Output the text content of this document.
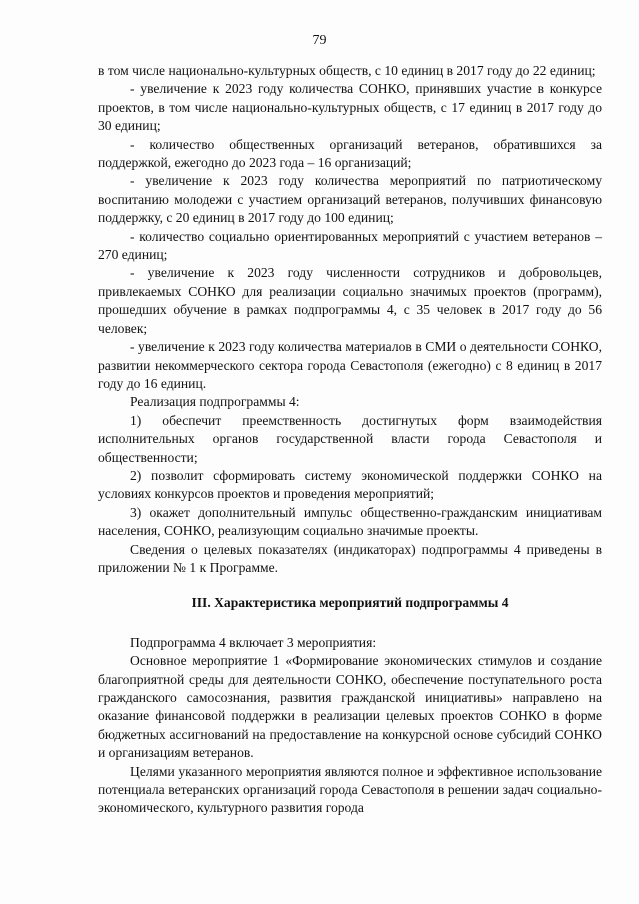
79

в том числе национально-культурных обществ, с 10 единиц в 2017 году до 22 единиц;

- увеличение к 2023 году количества СОНКО, принявших участие в конкурсе проектов, в том числе национально-культурных обществ, с 17 единиц в 2017 году до 30 единиц;

- количество общественных организаций ветеранов, обратившихся за поддержкой, ежегодно до 2023 года – 16 организаций;

- увеличение к 2023 году количества мероприятий по патриотическому воспитанию молодежи с участием организаций ветеранов, получивших финансовую поддержку, с 20 единиц в 2017 году до 100 единиц;

- количество социально ориентированных мероприятий с участием ветеранов – 270 единиц;

- увеличение к 2023 году численности сотрудников и добровольцев, привлекаемых СОНКО для реализации социально значимых проектов (программ), прошедших обучение в рамках подпрограммы 4, с 35 человек в 2017 году до 56 человек;

- увеличение к 2023 году количества материалов в СМИ о деятельности СОНКО, развитии некоммерческого сектора города Севастополя (ежегодно) с 8 единиц в 2017 году до 16 единиц.

Реализация подпрограммы 4:

1) обеспечит преемственность достигнутых форм взаимодействия исполнительных органов государственной власти города Севастополя и общественности;

2) позволит сформировать систему экономической поддержки СОНКО на условиях конкурсов проектов и проведения мероприятий;

3) окажет дополнительный импульс общественно-гражданским инициативам населения, СОНКО, реализующим социально значимые проекты.

Сведения о целевых показателях (индикаторах) подпрограммы 4 приведены в приложении № 1 к Программе.

III. Характеристика мероприятий подпрограммы 4

Подпрограмма 4 включает 3 мероприятия:

Основное мероприятие 1 «Формирование экономических стимулов и создание благоприятной среды для деятельности СОНКО, обеспечение поступательного роста гражданского самосознания, развития гражданской инициативы» направлено на оказание финансовой поддержки в реализации целевых проектов СОНКО в форме бюджетных ассигнований на предоставление на конкурсной основе субсидий СОНКО и организациям ветеранов.

Целями указанного мероприятия являются полное и эффективное использование потенциала ветеранских организаций города Севастополя в решении задач социально-экономического, культурного развития города
